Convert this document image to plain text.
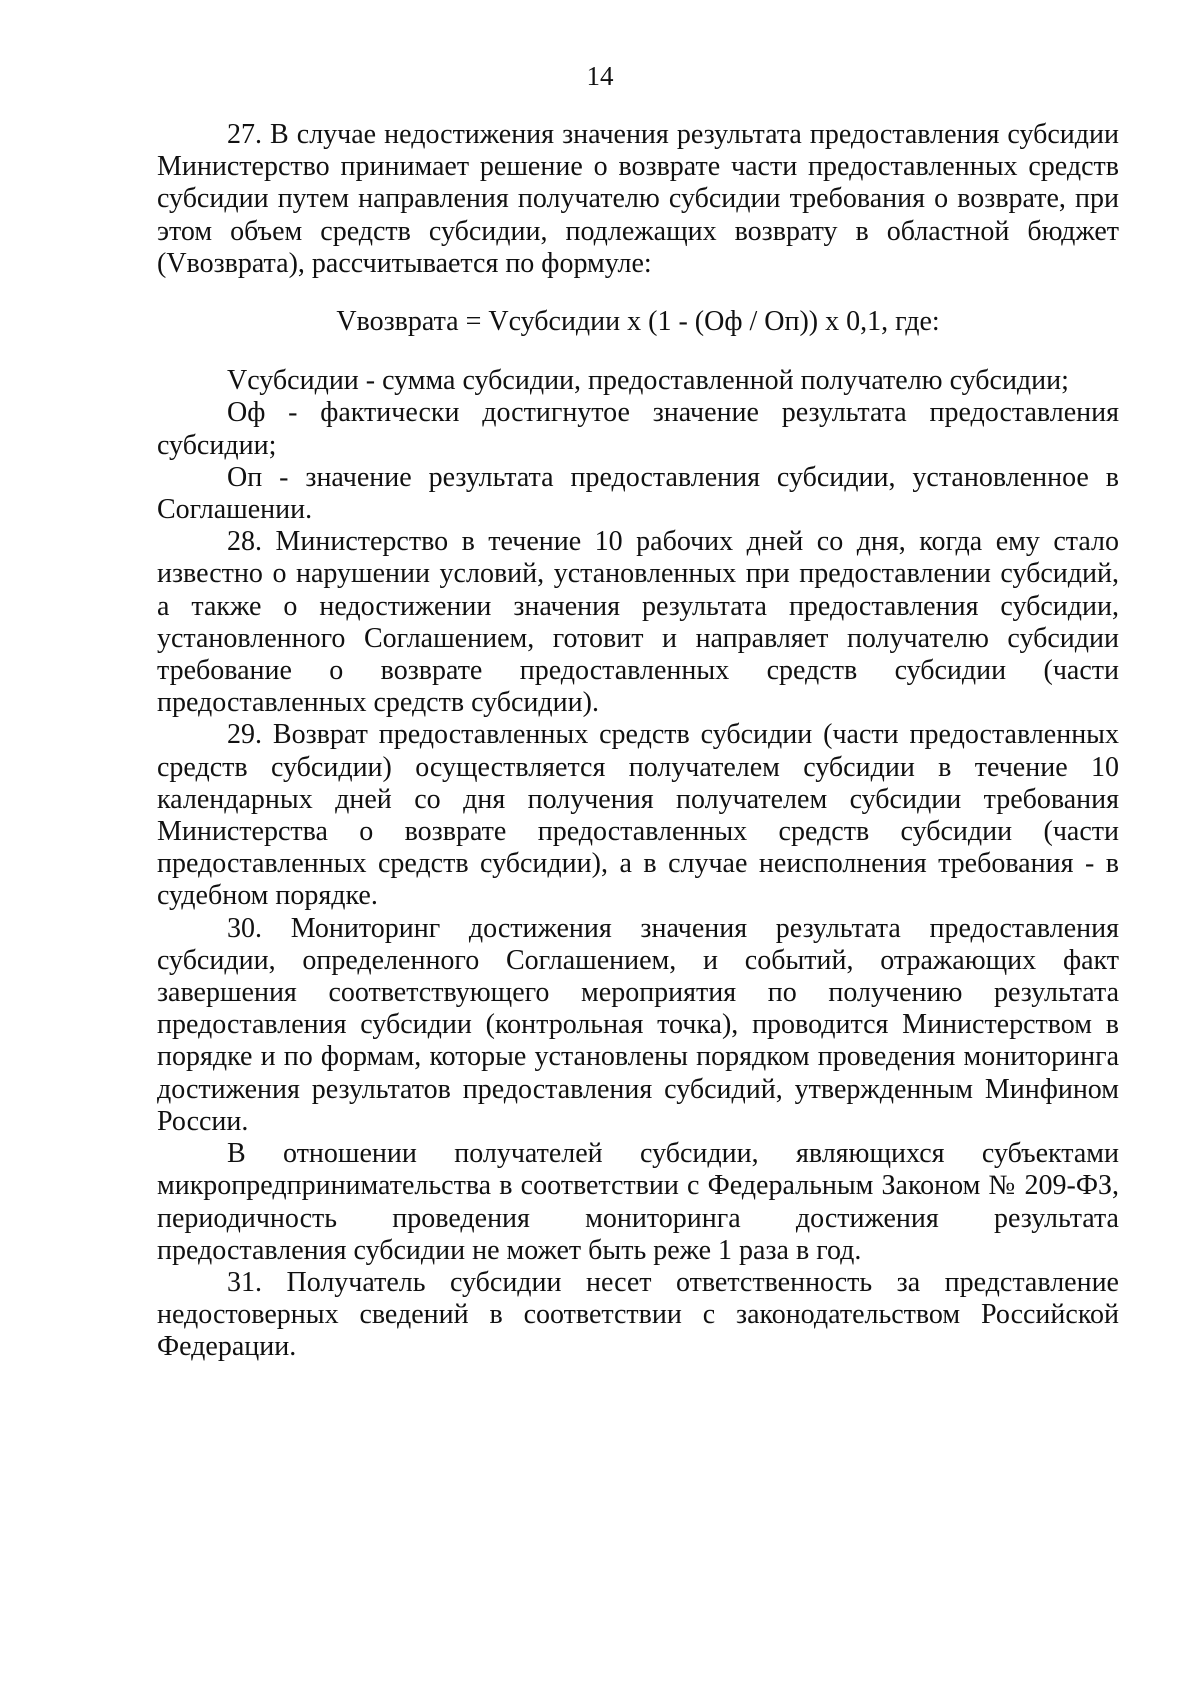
14

27. В случае недостижения значения результата предоставления субсидии Министерство принимает решение о возврате части предоставленных средств субсидии путем направления получателю субсидии требования о возврате, при этом объем средств субсидии, подлежащих возврату в областной бюджет (Vвозврата), рассчитывается по формуле:

Vвозврата = Vсубсидии x (1 - (Оф / Оп)) x 0,1, где:

Vсубсидии - сумма субсидии, предоставленной получателю субсидии;

Оф - фактически достигнутое значение результата предоставления субсидии;

Оп - значение результата предоставления субсидии, установленное в Соглашении.

28. Министерство в течение 10 рабочих дней со дня, когда ему стало известно о нарушении условий, установленных при предоставлении субсидий, а также о недостижении значения результата предоставления субсидии, установленного Соглашением, готовит и направляет получателю субсидии требование о возврате предоставленных средств субсидии (части предоставленных средств субсидии).

29. Возврат предоставленных средств субсидии (части предоставленных средств субсидии) осуществляется получателем субсидии в течение 10 календарных дней со дня получения получателем субсидии требования Министерства о возврате предоставленных средств субсидии (части предоставленных средств субсидии), а в случае неисполнения требования - в судебном порядке.

30. Мониторинг достижения значения результата предоставления субсидии, определенного Соглашением, и событий, отражающих факт завершения соответствующего мероприятия по получению результата предоставления субсидии (контрольная точка), проводится Министерством в порядке и по формам, которые установлены порядком проведения мониторинга достижения результатов предоставления субсидий, утвержденным Минфином России.

В отношении получателей субсидии, являющихся субъектами микропредпринимательства в соответствии с Федеральным Законом № 209-ФЗ, периодичность проведения мониторинга достижения результата предоставления субсидии не может быть реже 1 раза в год.

31. Получатель субсидии несет ответственность за представление недостоверных сведений в соответствии с законодательством Российской Федерации.
